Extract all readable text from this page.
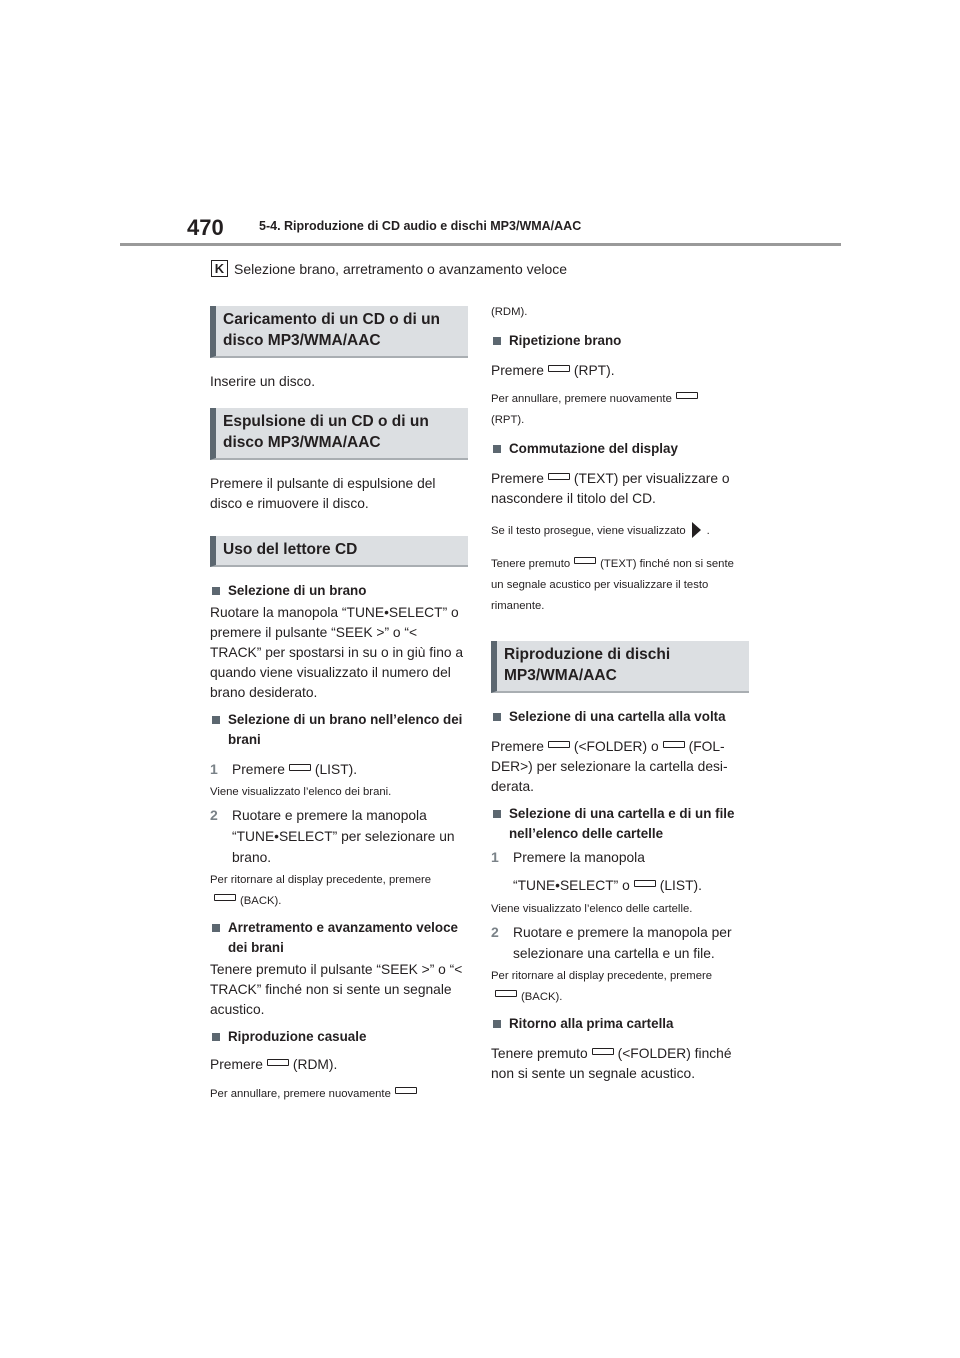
470	5-4. Riproduzione di CD audio e dischi MP3/WMA/AAC
K Selezione brano, arretramento o avanzamento veloce
Caricamento di un CD o di un disco MP3/WMA/AAC

Inserire un disco.

Espulsione di un CD o di un disco MP3/WMA/AAC

Premere il pulsante di espulsione del disco e rimuovere il disco.

Uso del lettore CD
Selezione di un brano

Ruotare la manopola “TUNE•SELECT” o premere il pulsante “SEEK >” o “< TRACK” per spostarsi in su o in giù fino a quando viene visualizzato il numero del brano desiderato.

Selezione di un brano nell’elenco dei brani
1	Premere (LIST).

Viene visualizzato l’elenco dei brani.

2	Ruotare e premere la manopola “TUNE•SELECT” per selezionare un brano.

Per ritornare al display precedente, premere
(BACK).

Arretramento e avanzamento veloce dei brani

Tenere premuto il pulsante “SEEK >” o “< TRACK” finché non si sente un segnale acustico.

Riproduzione casuale

Premere (RDM).

Per annullare, premere nuovamente

(RDM).

Ripetizione brano

Premere (RPT).

Per annullare, premere nuovamente
(RPT).

Commutazione del display

Premere (TEXT) per visualizzare o nascondere il titolo del CD.

Se il testo prosegue, viene visualizzato .

Tenere premuto	(TEXT) finché non si sente un segnale acustico per visualizzare il testo rimanente.

Riproduzione di dischi MP3/WMA/AAC
Selezione di una cartella alla volta

Premere (<FOLDER) o (FOL-DER>) per selezionare la cartella desi-derata.

Selezione di una cartella e di un file nell’elenco delle cartelle
1	Premere la manopola

“TUNE•SELECT” o (LIST).

Viene visualizzato l’elenco delle cartelle.

2	Ruotare e premere la manopola per selezionare una cartella e un file.

Per ritornare al display precedente, premere
(BACK).

Ritorno alla prima cartella

Tenere premuto (<FOLDER) finché non si sente un segnale acustico.
